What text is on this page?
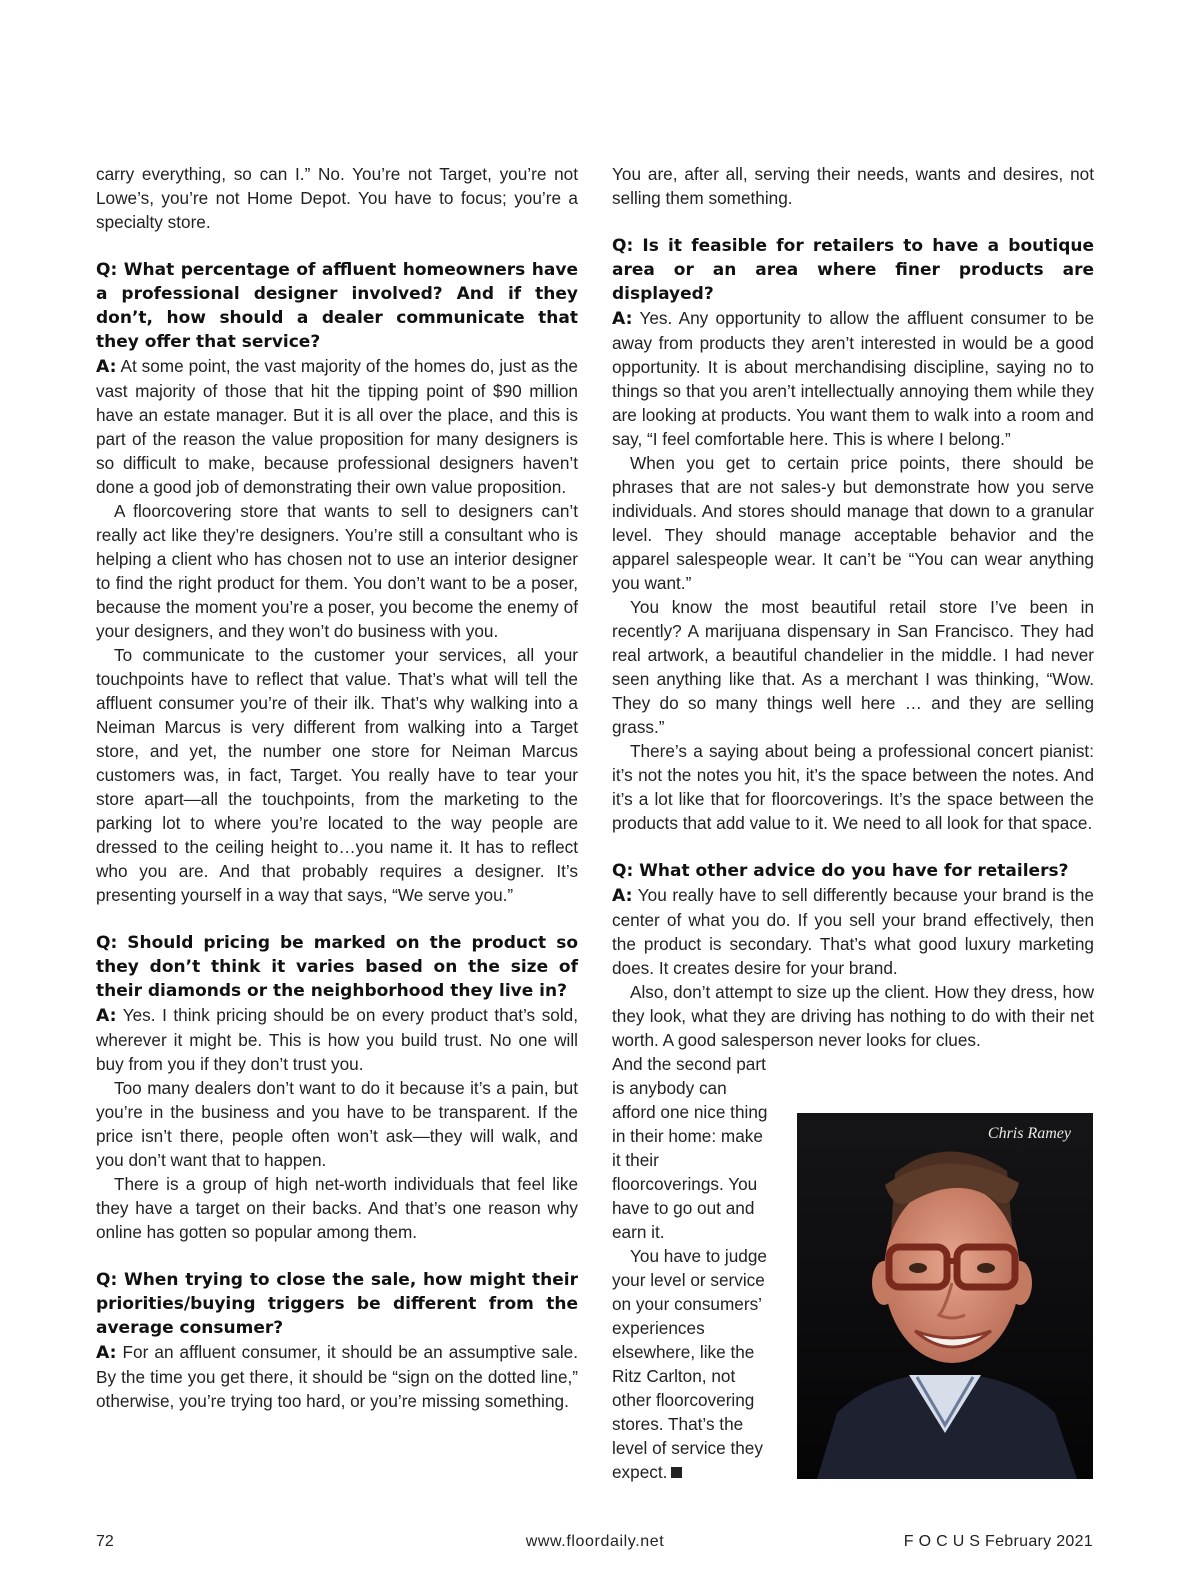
carry everything, so can I.” No. You’re not Target, you’re not Lowe’s, you’re not Home Depot. You have to focus; you’re a specialty store.

Q: What percentage of affluent homeowners have a professional designer involved? And if they don’t, how should a dealer communicate that they offer that service?

A: At some point, the vast majority of the homes do, just as the vast majority of those that hit the tipping point of $90 million have an estate manager. But it is all over the place, and this is part of the reason the value proposition for many designers is so difficult to make, because professional designers haven’t done a good job of demonstrating their own value proposition.

A floorcovering store that wants to sell to designers can’t really act like they’re designers. You’re still a consultant who is helping a client who has chosen not to use an interior designer to find the right product for them. You don’t want to be a poser, because the moment you’re a poser, you become the enemy of your designers, and they won’t do business with you.

To communicate to the customer your services, all your touchpoints have to reflect that value. That’s what will tell the affluent consumer you’re of their ilk. That’s why walking into a Neiman Marcus is very different from walking into a Target store, and yet, the number one store for Neiman Marcus customers was, in fact, Target. You really have to tear your store apart—all the touchpoints, from the marketing to the parking lot to where you’re located to the way people are dressed to the ceiling height to…you name it. It has to reflect who you are. And that probably requires a designer. It’s presenting yourself in a way that says, “We serve you.”

Q: Should pricing be marked on the product so they don’t think it varies based on the size of their diamonds or the neighborhood they live in?

A: Yes. I think pricing should be on every product that’s sold, wherever it might be. This is how you build trust. No one will buy from you if they don’t trust you.

Too many dealers don’t want to do it because it’s a pain, but you’re in the business and you have to be transparent. If the price isn’t there, people often won’t ask—they will walk, and you don’t want that to happen.

There is a group of high net-worth individuals that feel like they have a target on their backs. And that’s one reason why online has gotten so popular among them.

Q: When trying to close the sale, how might their priorities/buying triggers be different from the average consumer?

A: For an affluent consumer, it should be an assumptive sale. By the time you get there, it should be “sign on the dotted line,” otherwise, you’re trying too hard, or you’re missing something.

You are, after all, serving their needs, wants and desires, not selling them something.

Q: Is it feasible for retailers to have a boutique area or an area where finer products are displayed?

A: Yes. Any opportunity to allow the affluent consumer to be away from products they aren’t interested in would be a good opportunity. It is about merchandising discipline, saying no to things so that you aren’t intellectually annoying them while they are looking at products. You want them to walk into a room and say, “I feel comfortable here. This is where I belong.”

When you get to certain price points, there should be phrases that are not sales-y but demonstrate how you serve individuals. And stores should manage that down to a granular level. They should manage acceptable behavior and the apparel salespeople wear. It can’t be “You can wear anything you want.”

You know the most beautiful retail store I’ve been in recently? A marijuana dispensary in San Francisco. They had real artwork, a beautiful chandelier in the middle. I had never seen anything like that. As a merchant I was thinking, “Wow. They do so many things well here … and they are selling grass.”

There’s a saying about being a professional concert pianist: it’s not the notes you hit, it’s the space between the notes. And it’s a lot like that for floorcoverings. It’s the space between the products that add value to it. We need to all look for that space.

Q: What other advice do you have for retailers?

A: You really have to sell differently because your brand is the center of what you do. If you sell your brand effectively, then the product is secondary. That’s what good luxury marketing does. It creates desire for your brand.

Also, don’t attempt to size up the client. How they dress, how they look, what they are driving has nothing to do with their net worth. A good salesperson never looks for clues.

And the second part is anybody can afford one nice thing in their home: make it their floorcoverings. You have to go out and earn it.

You have to judge your level or service on your consumers’ experiences elsewhere, like the Ritz Carlton, not other floorcovering stores. That’s the level of service they expect.

Chris Ramey
72	www.floordaily.net	F O C U S February 2021
